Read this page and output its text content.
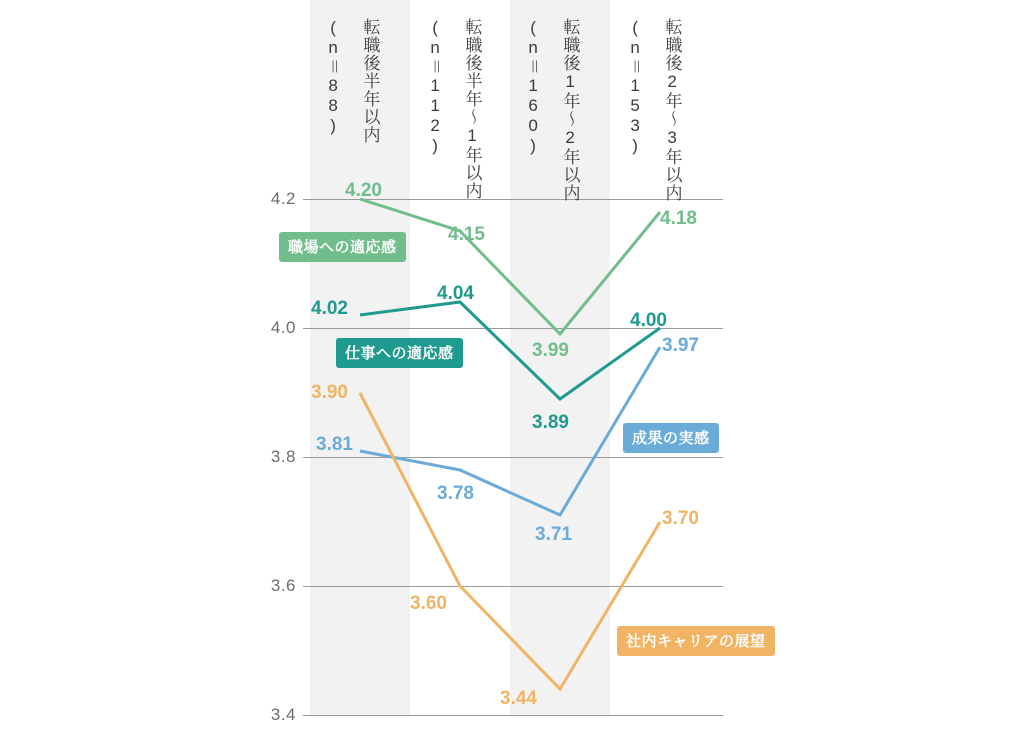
4.2
4.0
3.8
3.6
3.4
(n＝88) 転職後半年以内	(n＝112) 転職後半年〜1年以内 (n＝160) 転職後1年〜2年以内	(n＝153) 転職後2年〜3年以内
4.20
4.15
3.99
4.18
4.02
4.04
3.89
4.00
3.81
3.78
3.71
3.97
3.90
3.60
3.44
3.70
職場への適応感
仕事への適応感
成果の実感
社内キャリアの展望
